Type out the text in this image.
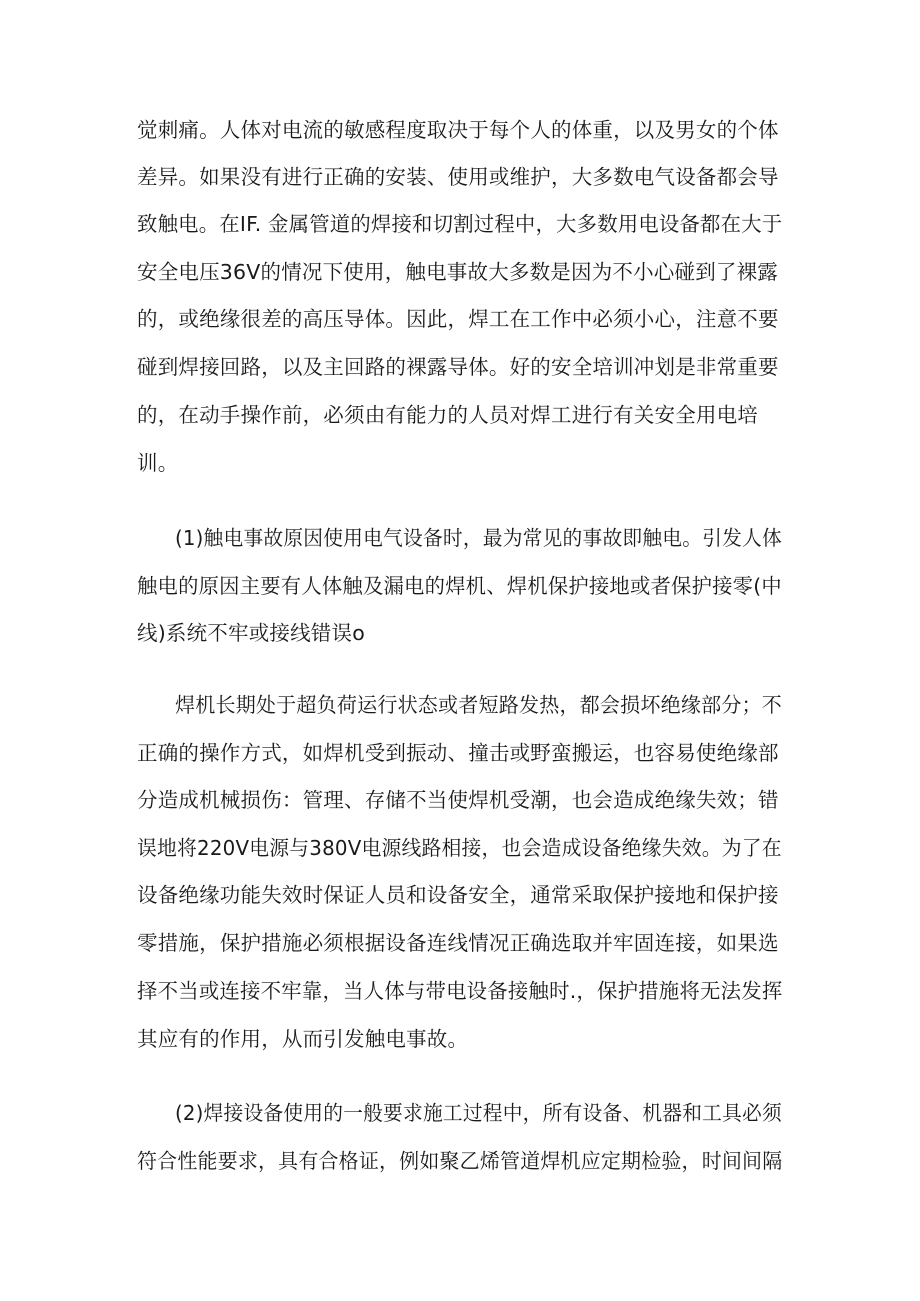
觉刺痛。人体对电流的敏感程度取决于每个人的体重，以及男女的个体
差异。如果没有进行正确的安装、使用或维护，大多数电气设备都会导
致触电。在IF. 金属管道的焊接和切割过程中，大多数用电设备都在大于
安全电压36V的情况下使用，触电事故大多数是因为不小心碰到了裸露
的，或绝缘很差的高压导体。因此，焊工在工作中必须小心，注意不要
碰到焊接回路，以及主回路的裸露导体。好的安全培训冲划是非常重要
的，在动手操作前，必须由有能力的人员对焊工进行有关安全用电培
训。
(1)触电事故原因使用电气设备时，最为常见的事故即触电。引发人体
触电的原因主要有人体触及漏电的焊机、焊机保护接地或者保护接零(中
线)系统不牢或接线错误o
焊机长期处于超负荷运行状态或者短路发热，都会损坏绝缘部分；不
正确的操作方式，如焊机受到振动、撞击或野蛮搬运，也容易使绝缘部
分造成机械损伤：管理、存储不当使焊机受潮，也会造成绝缘失效；错
误地将220V电源与380V电源线路相接，也会造成设备绝缘失效。为了在
设备绝缘功能失效时保证人员和设备安全，通常采取保护接地和保护接
零措施，保护措施必须根据设备连线情况正确选取并牢固连接，如果选
择不当或连接不牢靠，当人体与带电设备接触时.，保护措施将无法发挥
其应有的作用，从而引发触电事故。
(2)焊接设备使用的一般要求施工过程中，所有设备、机器和工具必须
符合性能要求，具有合格证，例如聚乙烯管道焊机应定期检验，时间间隔
